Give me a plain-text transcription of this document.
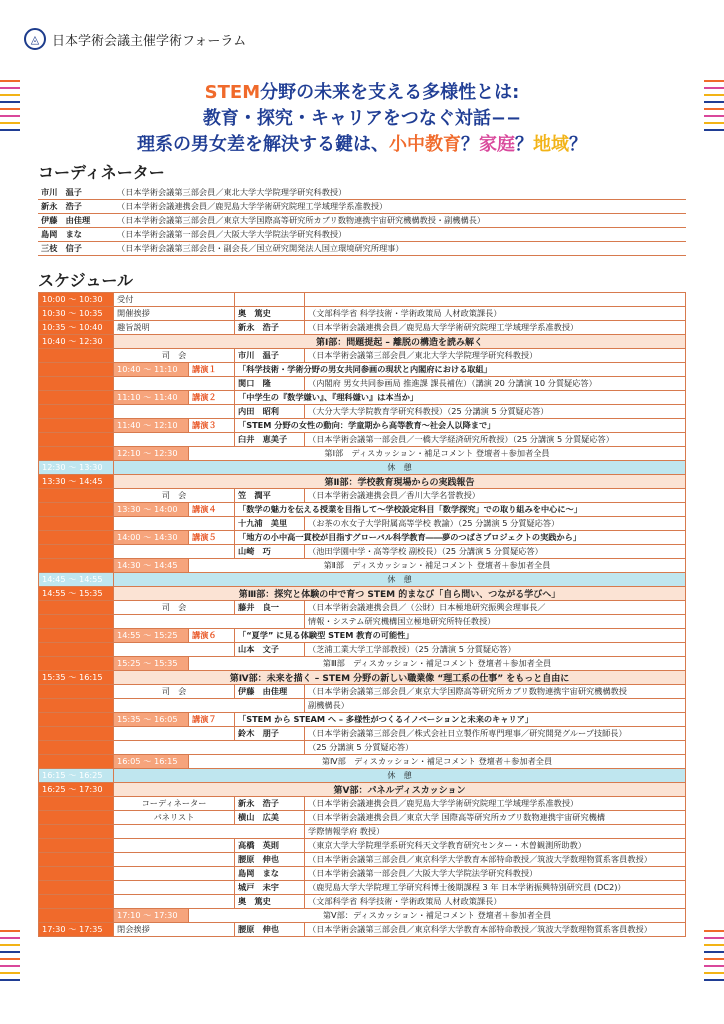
◬ 日本学術会議主催学術フォーラム
STEM分野の未来を支える多様性とは:
教育・探究・キャリアをつなぐ対話−−
理系の男女差を解決する鍵は、小中教育？家庭？地域？
コーディネーター
市川　温子	（日本学術会議第三部会員／東北大学大学院理学研究科教授）
新永　浩子	（日本学術会議連携会員／鹿児島大学学術研究院理工学域理学系准教授）
伊藤　由佳理	（日本学術会議第三部会員／東京大学国際高等研究所カブリ数物連携宇宙研究機構教授・副機構長）
島岡　まな	（日本学術会議第一部会員／大阪大学大学院法学研究科教授）
三枝　信子	（日本学術会議第三部会員・副会長／国立研究開発法人国立環境研究所理事）
スケジュール
10:00 〜 10:30	受付			
10:30 〜 10:35	開催挨拶		奥　篤史	（文部科学省 科学技術・学術政策局 人材政策課長）
10:35 〜 10:40	趣旨説明		新永　浩子	（日本学術会議連携会員／鹿児島大学学術研究院理工学域理学系准教授）
10:40 〜 12:30	第Ⅰ部：問題提起 – 離脱の構造を読み解く			
	司　会		市川　温子	（日本学術会議第三部会員／東北大学大学院理学研究科教授）
	10:40 〜 11:10	講演１	「科学技術・学術分野の男女共同参画の現状と内閣府における取組」	
			関口　隆	（内閣府 男女共同参画局 推進課 課長補佐）（講演 20 分講演 10 分質疑応答）
	11:10 〜 11:40	講演２	「中学生の『数学嫌い』、『理科嫌い』は本当か」	
			内田　昭利	（大分大学大学院教育学研究科教授）（25 分講演 5 分質疑応答）
	11:40 〜 12:10	講演３	「STEM 分野の女性の動向：学童期から高等教育〜社会人以降まで」	
			臼井　恵美子	（日本学術会議第一部会員／一橋大学経済研究所教授）（25 分講演 5 分質疑応答）
	12:10 〜 12:30	第Ⅰ部　ディスカッション・補足コメント 登壇者＋参加者全員		
12:30 〜 13:30	休　憩			
13:30 〜 14:45	第Ⅱ部：学校教育現場からの実践報告			
	司　会		笠　潤平	（日本学術会議連携会員／香川大学名誉教授）
	13:30 〜 14:00	講演４	「数学の魅力を伝える授業を目指して〜学校設定科目「数学探究」での取り組みを中心に〜」	
			十九浦　美里	（お茶の水女子大学附属高等学校 教諭）（25 分講演 5 分質疑応答）
	14:00 〜 14:30	講演５	「地方の小中高一貫校が目指すグローバル科学教育――夢のつばさプロジェクトの実践から」	
			山崎　巧	（池田学園中学・高等学校 副校長）（25 分講演 5 分質疑応答）
	14:30 〜 14:45	第Ⅱ部　ディスカッション・補足コメント 登壇者＋参加者全員		
14:45 〜 14:55	休　憩			
14:55 〜 15:35	第Ⅲ部：探究と体験の中で育つ STEM 的まなび「自ら問い、つながる学びへ」			
	司　会		藤井　良一	（日本学術会議連携会員／（公財）日本極地研究振興会理事長／
				情報・システム研究機構国立極地研究所特任教授）
	14:55 〜 15:25	講演６	「“夏学” に見る体験型 STEM 教育の可能性」	
			山本　文子	（芝浦工業大学工学部教授）（25 分講演 5 分質疑応答）
	15:25 〜 15:35	第Ⅲ部　ディスカッション・補足コメント 登壇者＋参加者全員		
15:35 〜 16:15	第Ⅳ部：未来を描く – STEM 分野の新しい職業像 “理工系の仕事” をもっと自由に			
	司　会		伊藤　由佳理	（日本学術会議第三部会員／東京大学国際高等研究所カブリ数物連携宇宙研究機構教授
				副機構長）
	15:35 〜 16:05	講演７	「STEM から STEAM へ – 多様性がつくるイノベーションと未来のキャリア」	
			鈴木　朋子	（日本学術会議第三部会員／株式会社日立製作所専門理事／研究開発グループ技師長）
				（25 分講演 5 分質疑応答）
	16:05 〜 16:15	第Ⅳ部　ディスカッション・補足コメント 登壇者＋参加者全員		
16:15 〜 16:25	休　憩			
16:25 〜 17:30	第Ⅴ部：パネルディスカッション			
	コーディネーター		新永　浩子	（日本学術会議連携会員／鹿児島大学学術研究院理工学域理学系准教授）
	パネリスト		横山　広美	（日本学術会議連携会員／東京大学 国際高等研究所カブリ数物連携宇宙研究機構
				学際情報学府 教授）
			高橋　英則	（東京大学大学院理学系研究科天文学教育研究センター・木曽観測所助教）
			腰原　伸也	（日本学術会議第三部会員／東京科学大学教育本部特命教授／筑波大学数理物質系客員教授）
			島岡　まな	（日本学術会議第一部会員／大阪大学大学院法学研究科教授）
			城戸　未宇	（鹿児島大学大学院理工学研究科博士後期課程 3 年 日本学術振興特別研究員 (DC2)）
			奥　篤史	（文部科学省 科学技術・学術政策局 人材政策課長）
	17:10 〜 17:30	第Ⅴ部：ディスカッション・補足コメント 登壇者＋参加者全員		
17:30 〜 17:35	閉会挨拶		腰原　伸也	（日本学術会議第三部会員／東京科学大学教育本部特命教授／筑波大学数理物質系客員教授）
